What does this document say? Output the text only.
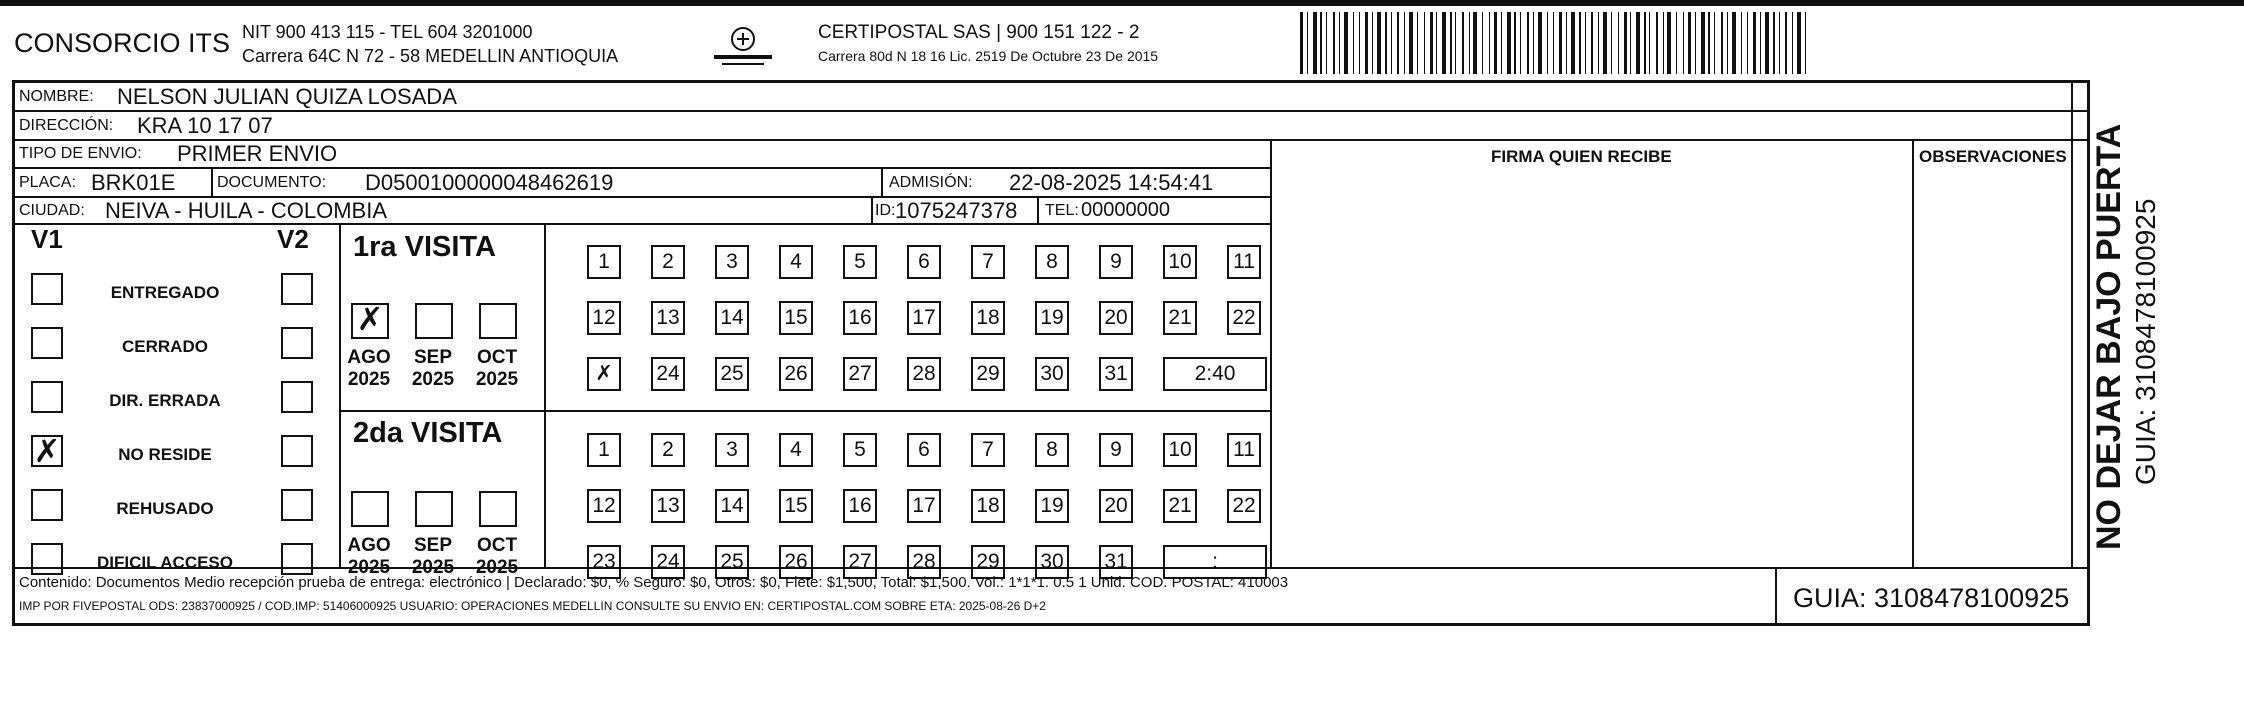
CONSORCIO ITS NIT 900 413 115 - TEL 604 3201000
Carrera 64C N 72 - 58 MEDELLIN ANTIOQUIA
CERTIPOSTAL SAS | 900 151 122 - 2
Carrera 80d N 18 16 Lic. 2519 De Octubre 23 De 2015
NOMBRE: NELSON JULIAN QUIZA LOSADA
DIRECCIÓN: KRA 10 17 07
TIPO DE ENVIO: PRIMER ENVIO	FIRMA QUIEN RECIBE	OBSERVACIONES
PLACA: BRK01E	DOCUMENTO: D0500100000048462619	ADMISIÓN: 22-08-2025 14:54:41
CIUDAD: NEIVA - HUILA - COLOMBIA	ID: 1075247378 TEL: 00000000
V1	V2 1ra VISITA
2da VISITA
Contenido: Documentos Medio recepción prueba de entrega: electrónico | Declarado: $0, % Seguro: $0, Otros: $0, Flete: $1,500, Total: $1,500. Vol.: 1*1*1. 0.5 1 Unid. COD. POSTAL: 410003
IMP POR FIVEPOSTAL ODS: 23837000925 / COD.IMP: 51406000925 USUARIO: OPERACIONES MEDELLIN CONSULTE SU ENVIO EN: CERTIPOSTAL.COM SOBRE ETA: 2025-08-26 D+2	GUIA: 3108478100925
ENTREGADO
CERRADO
DIR. ERRADA
✗	NO RESIDE
REHUSADO
DIFICIL ACCESO
✗
AGO
2025
SEP
2025
OCT
2025
1	2	3	4	5	6	7	8	9	10 11
12 13 14 15 16 17 18 19 20 21 22
✗	24 25 26 27 28 29 30 31	2:40
AGO
2025
SEP
2025
OCT
2025
1	2	3	4	5	6	7	8	9	10 11
12 13 14 15 16 17 18 19 20 21 22
23 24 25 26 27 28 29 30 31	:
NO DEJAR BAJO PUERTA GUIA: 3108478100925
